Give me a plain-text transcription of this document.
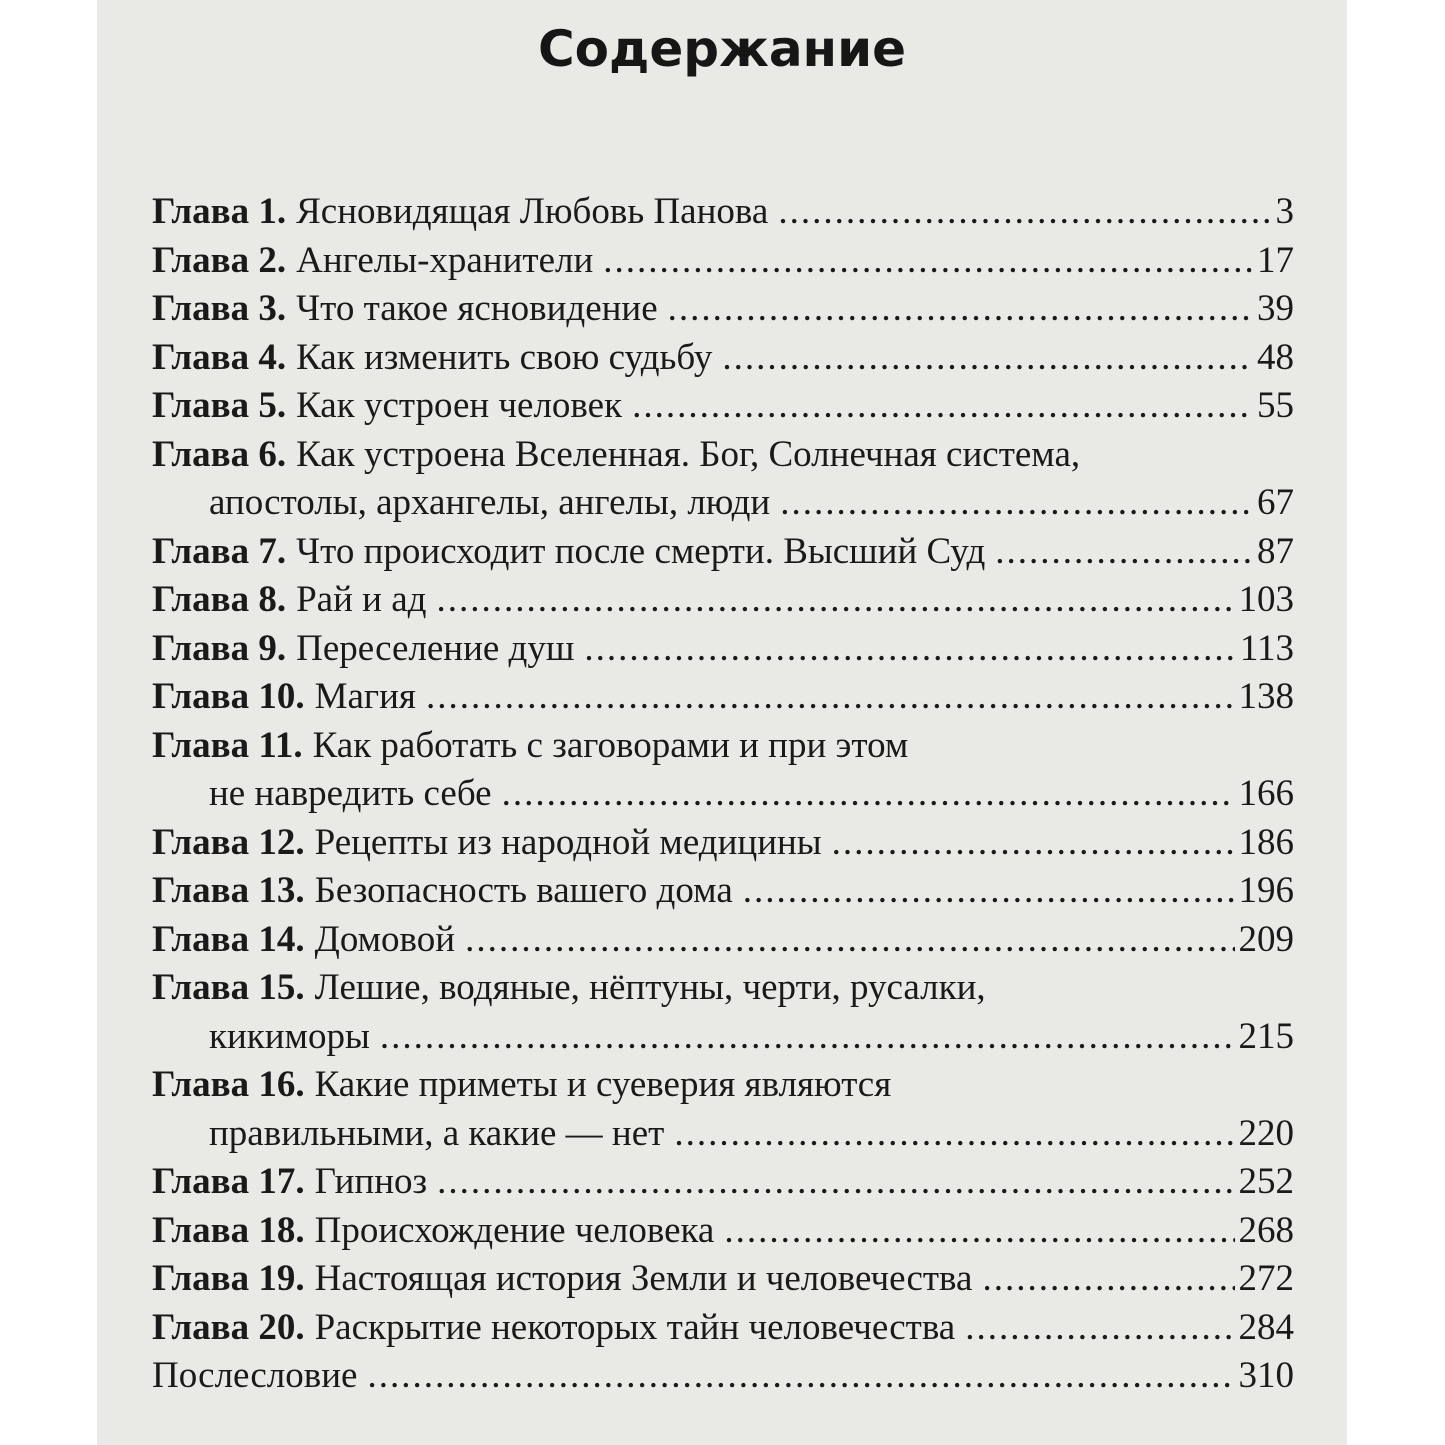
Содержание
Глава 1. Ясновидящая Любовь Панова .....	3
Глава 2. Ангелы-хранители .....	17
Глава 3. Что такое ясновидение .....	39
Глава 4. Как изменить свою судьбу .....	48
Глава 5. Как устроен человек .....	55
Глава 6. Как устроена Вселенная. Бог, Солнечная система,
апостолы, архангелы, ангелы, люди .....	67
Глава 7. Что происходит после смерти. Высший Суд .....	87
Глава 8. Рай и ад .....	103
Глава 9. Переселение душ .....	113
Глава 10. Магия .....	138
Глава 11. Как работать с заговорами и при этом
не навредить себе .....	166
Глава 12. Рецепты из народной медицины .....	186
Глава 13. Безопасность вашего дома .....	196
Глава 14. Домовой .....	209
Глава 15. Лешие, водяные, нёптуны, черти, русалки,
кикиморы .....	215
Глава 16. Какие приметы и суеверия являются
правильными, а какие — нет .....	220
Глава 17. Гипноз .....	252
Глава 18. Происхождение человека .....	268
Глава 19. Настоящая история Земли и человечества .....	272
Глава 20. Раскрытие некоторых тайн человечества .....	284
Послесловие .....	310
